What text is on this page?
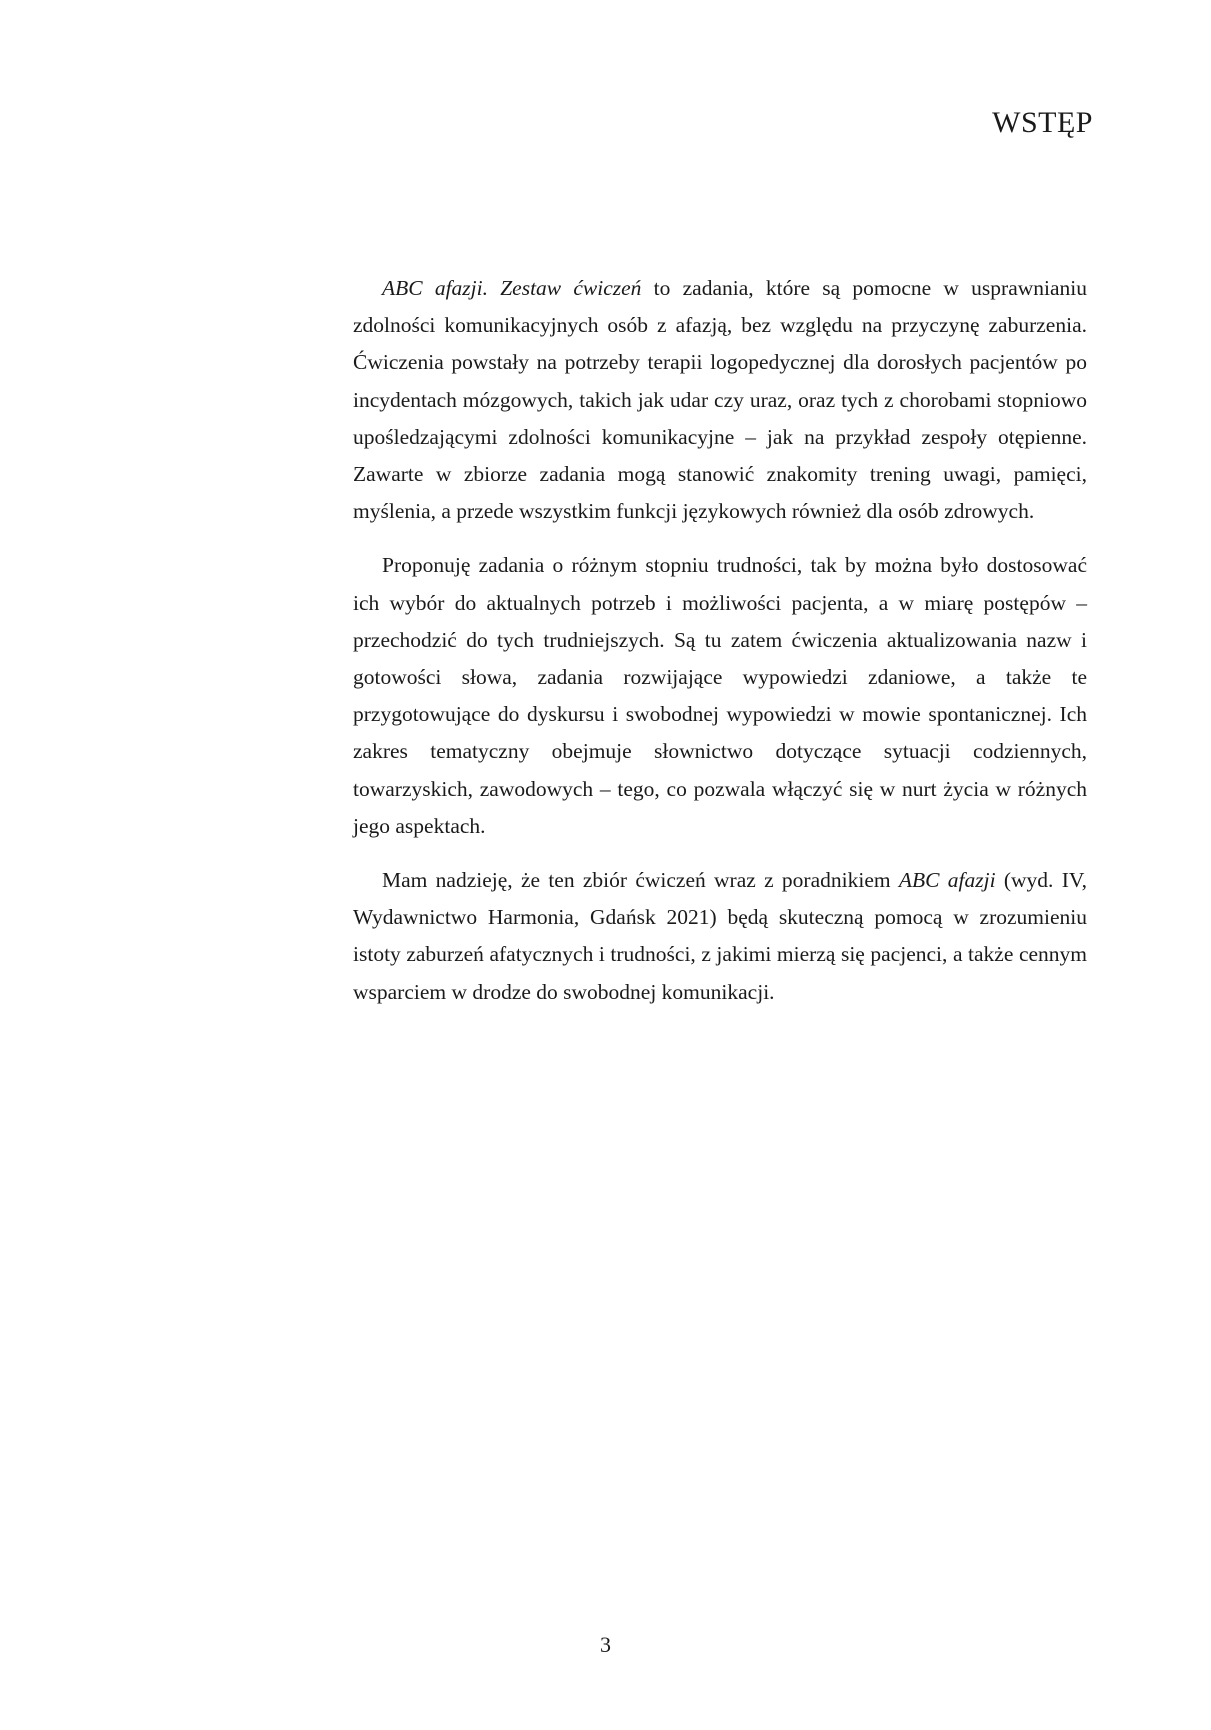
WSTĘP

ABC afazji. Zestaw ćwiczeń to zadania, które są pomocne w usprawnianiu zdolności komunikacyjnych osób z afazją, bez względu na przyczynę zaburzenia. Ćwiczenia powstały na potrzeby terapii logopedycznej dla dorosłych pacjentów po incydentach mózgowych, takich jak udar czy uraz, oraz tych z chorobami stopniowo upośledzającymi zdolności komunikacyjne – jak na przykład zespoły otępienne. Zawarte w zbiorze zadania mogą stanowić znakomity trening uwagi, pamięci, myślenia, a przede wszystkim funkcji językowych również dla osób zdrowych.

Proponuję zadania o różnym stopniu trudności, tak by można było dostosować ich wybór do aktualnych potrzeb i możliwości pacjenta, a w miarę postępów – przechodzić do tych trudniejszych. Są tu zatem ćwiczenia aktualizowania nazw i gotowości słowa, zadania rozwijające wypowiedzi zdaniowe, a także te przygotowujące do dyskursu i swobodnej wypowiedzi w mowie spontanicznej. Ich zakres tematyczny obejmuje słownictwo dotyczące sytuacji codziennych, towarzyskich, zawodowych – tego, co pozwala włączyć się w nurt życia w różnych jego aspektach.

Mam nadzieję, że ten zbiór ćwiczeń wraz z poradnikiem ABC afazji (wyd. IV, Wydawnictwo Harmonia, Gdańsk 2021) będą skuteczną pomocą w zrozumieniu istoty zaburzeń afatycznych i trudności, z jakimi mierzą się pacjenci, a także cennym wsparciem w drodze do swobodnej komunikacji.

3
